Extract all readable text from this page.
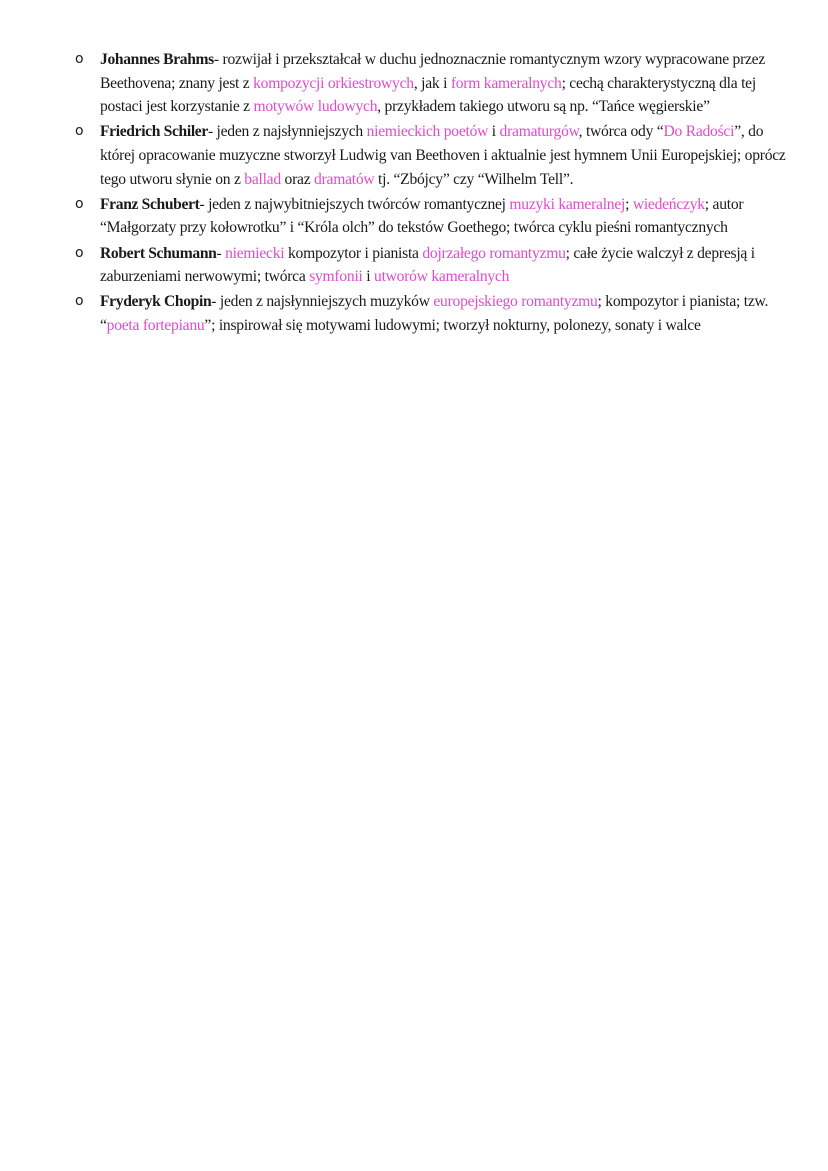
o Johannes Brahms- rozwijał i przekształcał w duchu jednoznacznie romantycznym wzory wypracowane przez Beethovena; znany jest z kompozycji orkiestrowych, jak i form kameralnych; cechą charakterystyczną dla tej postaci jest korzystanie z motywów ludowych, przykładem takiego utworu są np. “Tańce węgierskie”
o Friedrich Schiler- jeden z najsłynniejszych niemieckich poetów i dramaturgów, twórca ody “Do Radości”, do której opracowanie muzyczne stworzył Ludwig van Beethoven i aktualnie jest hymnem Unii Europejskiej; oprócz tego utworu słynie on z ballad oraz dramatów tj. “Zbójcy” czy “Wilhelm Tell”.
o Franz Schubert- jeden z najwybitniejszych twórców romantycznej muzyki kameralnej; wiedeńczyk; autor “Małgorzaty przy kołowrotku” i “Króla olch” do tekstów Goethego; twórca cyklu pieśni romantycznych
o Robert Schumann- niemiecki kompozytor i pianista dojrzałego romantyzmu; całe życie walczył z depresją i zaburzeniami nerwowymi; twórca symfonii i utworów kameralnych
o Fryderyk Chopin- jeden z najsłynniejszych muzyków europejskiego romantyzmu; kompozytor i pianista; tzw. “poeta fortepianu”; inspirował się motywami ludowymi; tworzył nokturny, polonezy, sonaty i walce
